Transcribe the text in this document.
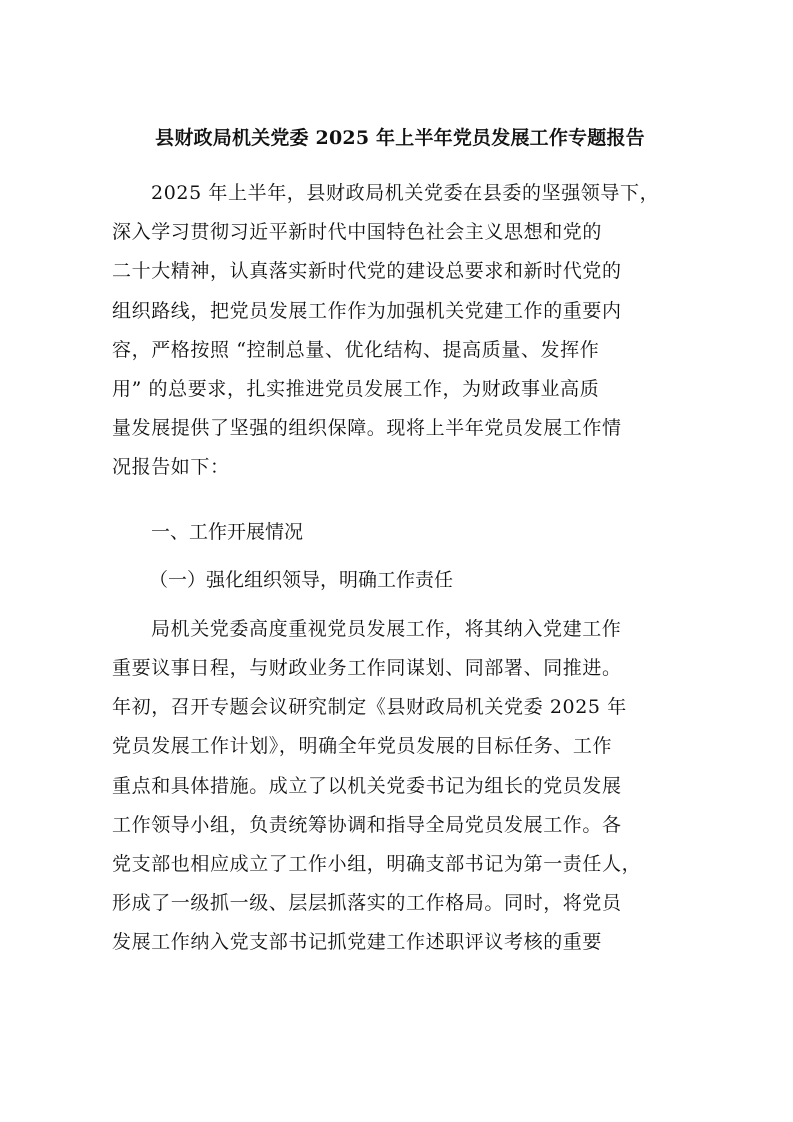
县财政局机关党委 2025 年上半年党员发展工作专题报告
2025 年上半年，县财政局机关党委在县委的坚强领导下，
深入学习贯彻习近平新时代中国特色社会主义思想和党的
二十大精神，认真落实新时代党的建设总要求和新时代党的
组织路线，把党员发展工作作为加强机关党建工作的重要内
容，严格按照 “控制总量、优化结构、提高质量、发挥作
用” 的总要求，扎实推进党员发展工作，为财政事业高质
量发展提供了坚强的组织保障。现将上半年党员发展工作情
况报告如下：
一、工作开展情况
（一）强化组织领导，明确工作责任
局机关党委高度重视党员发展工作，将其纳入党建工作
重要议事日程，与财政业务工作同谋划、同部署、同推进。
年初，召开专题会议研究制定《县财政局机关党委 2025 年
党员发展工作计划》，明确全年党员发展的目标任务、工作
重点和具体措施。成立了以机关党委书记为组长的党员发展
工作领导小组，负责统筹协调和指导全局党员发展工作。各
党支部也相应成立了工作小组，明确支部书记为第一责任人，
形成了一级抓一级、层层抓落实的工作格局。同时，将党员
发展工作纳入党支部书记抓党建工作述职评议考核的重要
